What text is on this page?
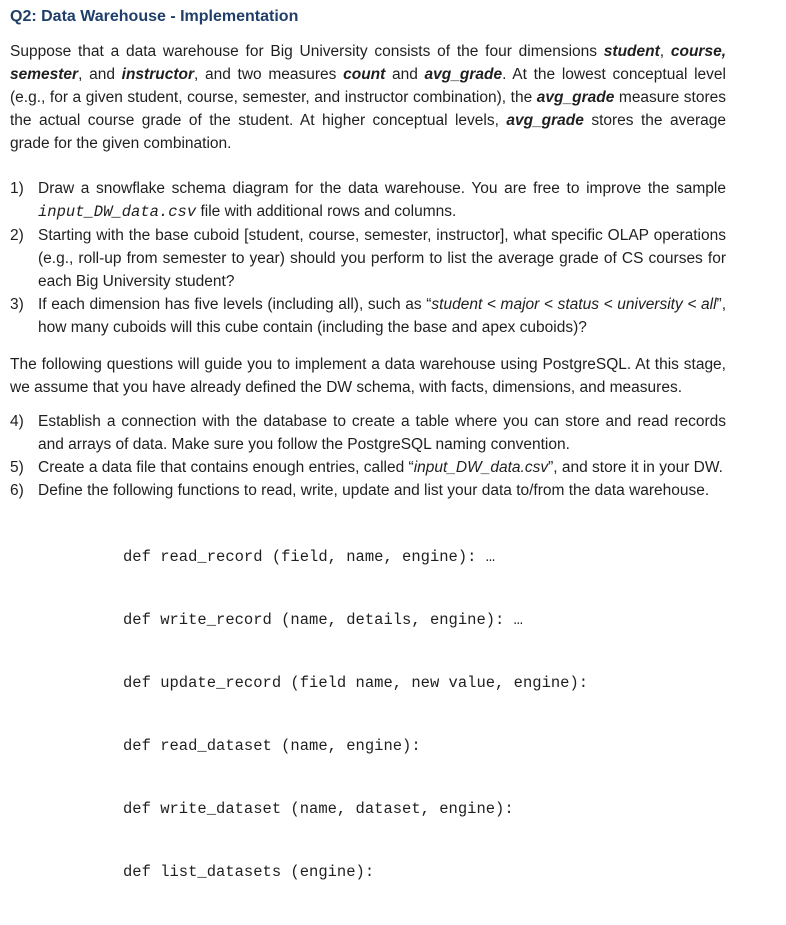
Q2: Data Warehouse - Implementation

Suppose that a data warehouse for Big University consists of the four dimensions student, course, semester, and instructor, and two measures count and avg_grade. At the lowest conceptual level (e.g., for a given student, course, semester, and instructor combination), the avg_grade measure stores the actual course grade of the student. At higher conceptual levels, avg_grade stores the average grade for the given combination.

1) Draw a snowflake schema diagram for the data warehouse. You are free to improve the sample input_DW_data.csv file with additional rows and columns.
2) Starting with the base cuboid [student, course, semester, instructor], what specific OLAP operations (e.g., roll-up from semester to year) should you perform to list the average grade of CS courses for each Big University student?
3) If each dimension has five levels (including all), such as “student < major < status < university < all”, how many cuboids will this cube contain (including the base and apex cuboids)?

The following questions will guide you to implement a data warehouse using PostgreSQL. At this stage, we assume that you have already defined the DW schema, with facts, dimensions, and measures.

4) Establish a connection with the database to create a table where you can store and read records and arrays of data. Make sure you follow the PostgreSQL naming convention.
5) Create a data file that contains enough entries, called “input_DW_data.csv”, and store it in your DW.
6) Define the following functions to read, write, update and list your data to/from the data warehouse.

def read_record (field, name, engine): …

def write_record (name, details, engine): …

def update_record (field name, new value, engine):

def read_dataset (name, engine):

def write_dataset (name, dataset, engine):

def list_datasets (engine):
